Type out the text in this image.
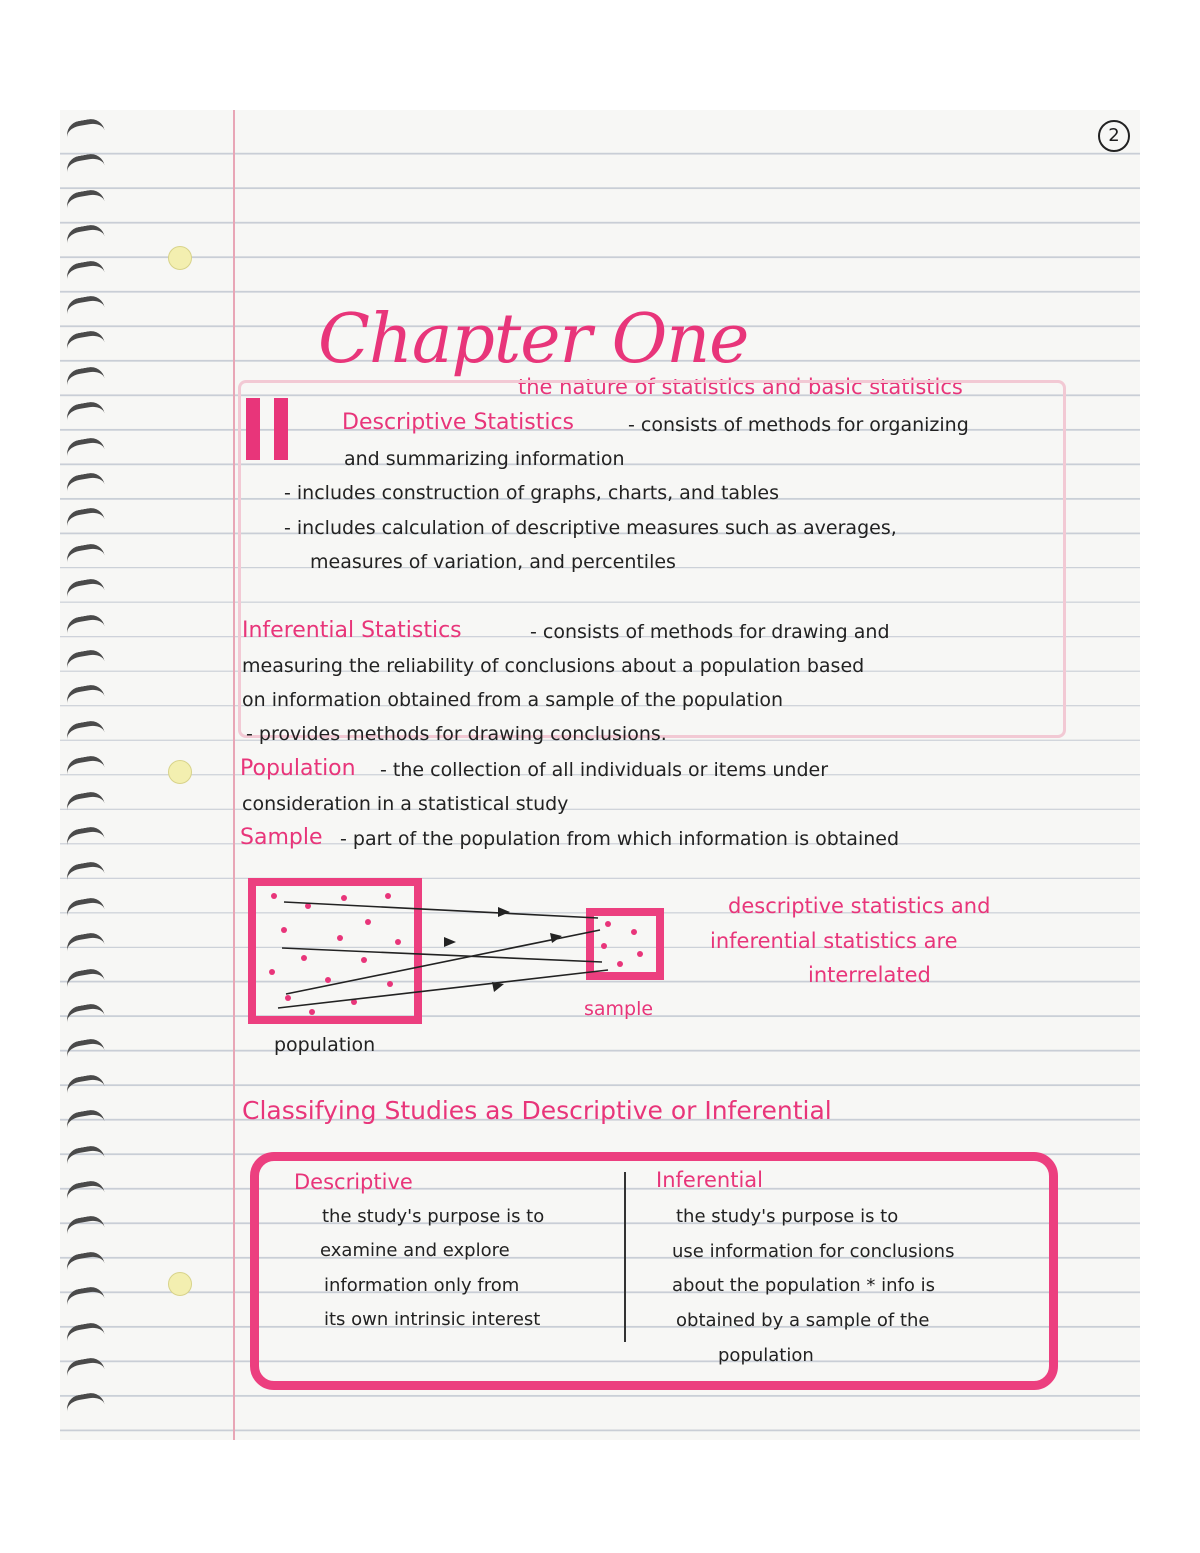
2
Chapter One
the nature of statistics and basic statistics
Descriptive Statistics	- consists of methods for organizing
and summarizing information
- includes construction of graphs, charts, and tables
- includes calculation of descriptive measures such as averages,
measures of variation, and percentiles
Inferential Statistics	- consists of methods for drawing and
measuring the reliability of conclusions about a population based
on information obtained from a sample of the population
- provides methods for drawing conclusions.
Population - the collection of all individuals or items under
consideration in a statistical study
Sample - part of the population from which information is obtained
sample
population
descriptive statistics and
inferential statistics are
interrelated
Classifying Studies as Descriptive or Inferential
Descriptive
the study's purpose is to
examine and explore
information only from
its own intrinsic interest
Inferential
the study's purpose is to
use information for conclusions
about the population * info is
obtained by a sample of the
population
